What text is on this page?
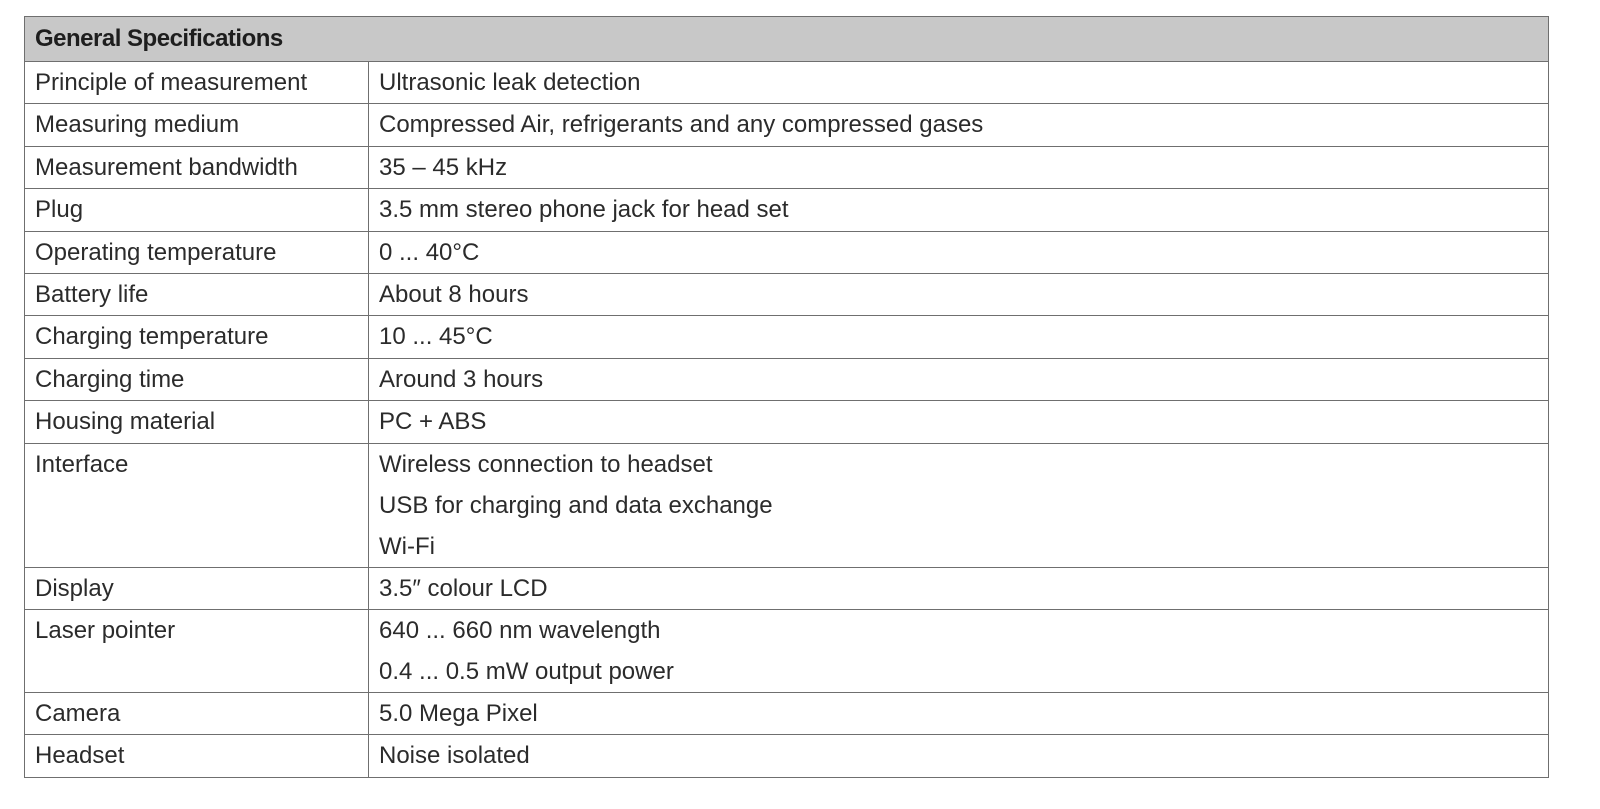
General Specifications	
Principle of measurement	Ultrasonic leak detection

Measuring medium	Compressed Air, refrigerants and any compressed gases

Measurement bandwidth	35 – 45 kHz

Plug	3.5 mm stereo phone jack for head set

Operating temperature	0 ... 40°C

Battery life	About 8 hours

Charging temperature	10 ... 45°C

Charging time	Around 3 hours

Housing material	PC + ABS

Interface	Wireless connection to headset
USB for charging and data exchange
Wi-Fi

Display	3.5″ colour LCD

Laser pointer	640 ... 660 nm wavelength
0.4 ... 0.5 mW output power

Camera	5.0 Mega Pixel

Headset	Noise isolated
